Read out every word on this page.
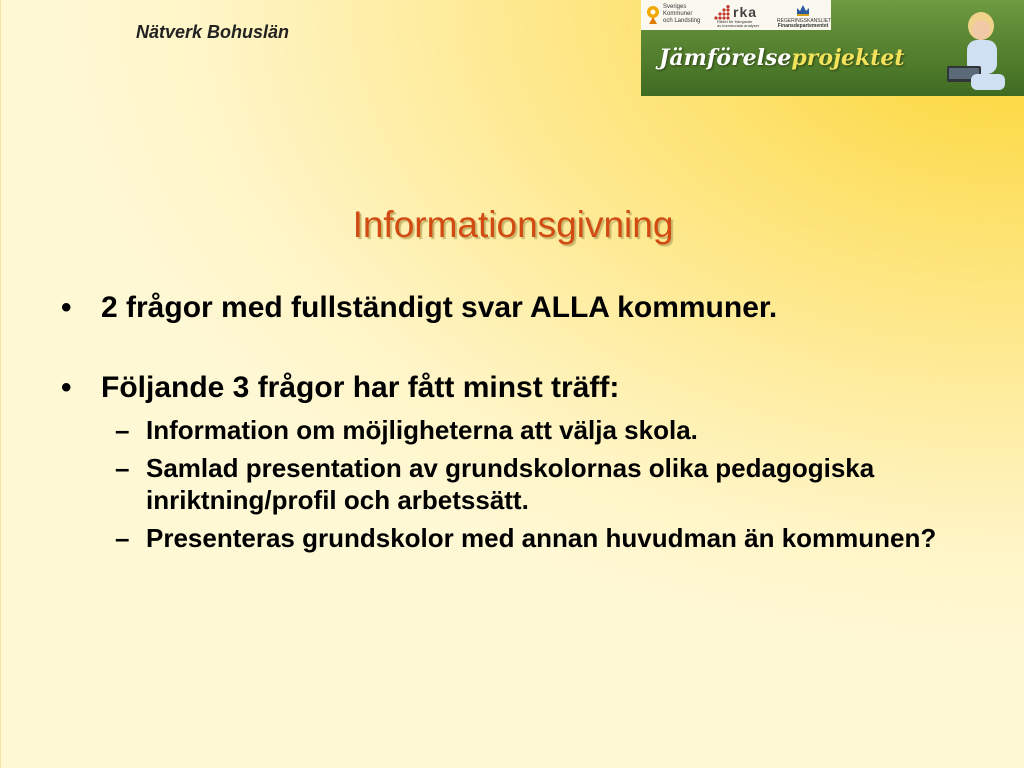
Nätverk Bohuslän
Sveriges
Kommuner
och Landsting
rka
Rådet för främjande
av kommunala analyser
REGERINGSKANSLIET
Finansdepartementet
Jämförelseprojektet
Informationsgivning
• 2 frågor med fullständigt svar ALLA kommuner.
• Följande 3 frågor har fått minst träff:
– Information om möjligheterna att välja skola.
– Samlad presentation av grundskolornas olika pedagogiska inriktning/profil och arbetssätt.
– Presenteras grundskolor med annan huvudman än kommunen?
